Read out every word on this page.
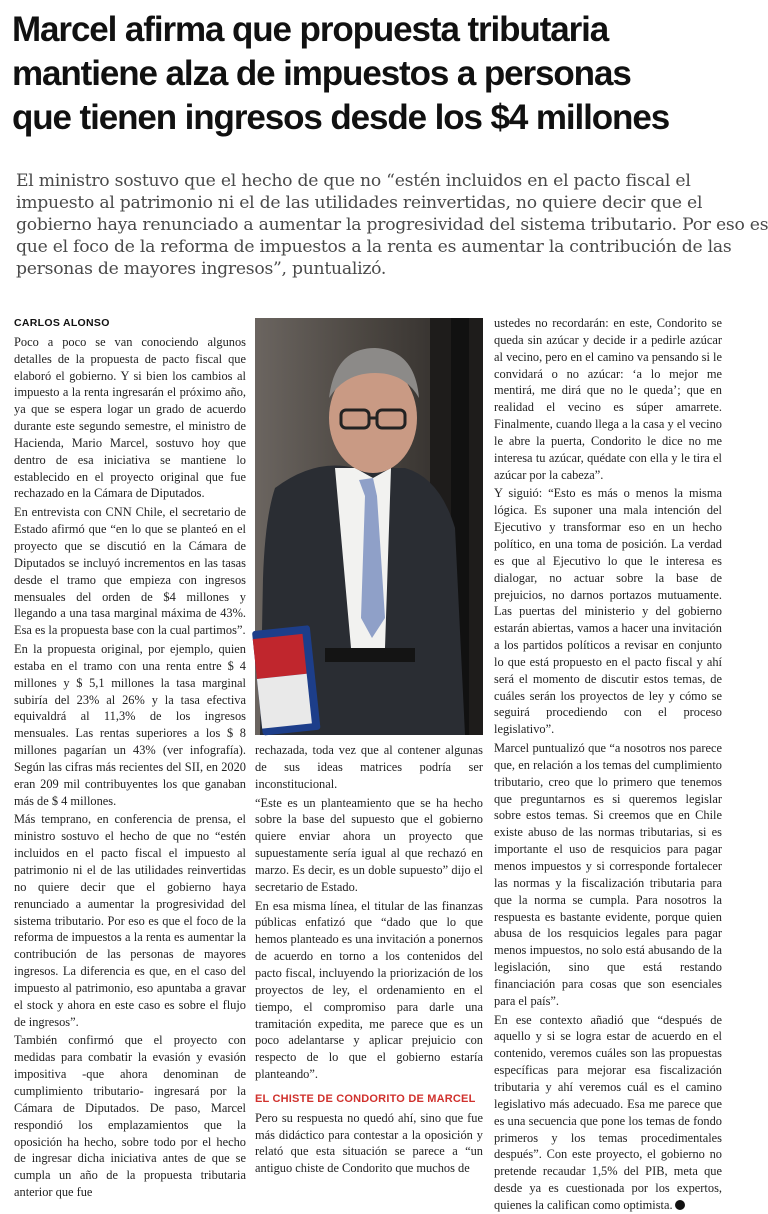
Marcel afirma que propuesta tributaria
mantiene alza de impuestos a personas
que tienen ingresos desde los $4 millones
El ministro sostuvo que el hecho de que no “estén incluidos en el pacto fiscal el
impuesto al patrimonio ni el de las utilidades reinvertidas, no quiere decir que el
gobierno haya renunciado a aumentar la progresividad del sistema tributario. Por eso es
que el foco de la reforma de impuestos a la renta es aumentar la contribución de las
personas de mayores ingresos”, puntualizó.
CARLOS ALONSO

Poco a poco se van conociendo algunos detalles de la propuesta de pacto fiscal que elaboró el gobierno. Y si bien los cambios al impuesto a la renta ingresarán el próximo año, ya que se espera logar un grado de acuerdo durante este segundo semestre, el ministro de Hacienda, Mario Marcel, sostuvo hoy que dentro de esa iniciativa se mantiene lo establecido en el proyecto original que fue rechazado en la Cámara de Diputados.

En entrevista con CNN Chile, el secretario de Estado afirmó que “en lo que se planteó en el proyecto que se discutió en la Cámara de Diputados se incluyó incrementos en las tasas desde el tramo que empieza con ingresos mensuales del orden de $4 millones y llegando a una tasa marginal máxima de 43%. Esa es la propuesta base con la cual partimos”.

En la propuesta original, por ejemplo, quien estaba en el tramo con una renta entre $ 4 millones y $ 5,1 millones la tasa marginal subiría del 23% al 26% y la tasa efectiva equivaldrá al 11,3% de los ingresos mensuales. Las rentas superiores a los $ 8 millones pagarían un 43% (ver infografía). Según las cifras más recientes del SII, en 2020 eran 209 mil contribuyentes los que ganaban más de $ 4 millones.

Más temprano, en conferencia de prensa, el ministro sostuvo el hecho de que no “estén incluidos en el pacto fiscal el impuesto al patrimonio ni el de las utilidades reinvertidas no quiere decir que el gobierno haya renunciado a aumentar la progresividad del sistema tributario. Por eso es que el foco de la reforma de impuestos a la renta es aumentar la contribución de las personas de mayores ingresos. La diferencia es que, en el caso del impuesto al patrimonio, eso apuntaba a gravar el stock y ahora en este caso es sobre el flujo de ingresos”.

También confirmó que el proyecto con medidas para combatir la evasión y evasión impositiva -que ahora denominan de cumplimiento tributario- ingresará por la Cámara de Diputados. De paso, Marcel respondió los emplazamientos que la oposición ha hecho, sobre todo por el hecho de ingresar dicha iniciativa antes de que se cumpla un año de la propuesta tributaria anterior que fue

rechazada, toda vez que al contener algunas de sus ideas matrices podría ser inconstitucional.

“Este es un planteamiento que se ha hecho sobre la base del supuesto que el gobierno quiere enviar ahora un proyecto que supuestamente sería igual al que rechazó en marzo. Es decir, es un doble supuesto” dijo el secretario de Estado.

En esa misma línea, el titular de las finanzas públicas enfatizó que “dado que lo que hemos planteado es una invitación a ponernos de acuerdo en torno a los contenidos del pacto fiscal, incluyendo la priorización de los proyectos de ley, el ordenamiento en el tiempo, el compromiso para darle una tramitación expedita, me parece que es un poco adelantarse y aplicar prejuicio con respecto de lo que el gobierno estaría planteando”.

EL CHISTE DE CONDORITO DE MARCEL

Pero su respuesta no quedó ahí, sino que fue más didáctico para contestar a la oposición y relató que esta situación se parece a “un antiguo chiste de Condorito que muchos de

ustedes no recordarán: en este, Condorito se queda sin azúcar y decide ir a pedirle azúcar al vecino, pero en el camino va pensando si le convidará o no azúcar: ‘a lo mejor me mentirá, me dirá que no le queda’; que en realidad el vecino es súper amarrete. Finalmente, cuando llega a la casa y el vecino le abre la puerta, Condorito le dice no me interesa tu azúcar, quédate con ella y le tira el azúcar por la cabeza”.

Y siguió: “Esto es más o menos la misma lógica. Es suponer una mala intención del Ejecutivo y transformar eso en un hecho político, en una toma de posición. La verdad es que al Ejecutivo lo que le interesa es dialogar, no actuar sobre la base de prejuicios, no darnos portazos mutuamente. Las puertas del ministerio y del gobierno estarán abiertas, vamos a hacer una invitación a los partidos políticos a revisar en conjunto lo que está propuesto en el pacto fiscal y ahí será el momento de discutir estos temas, de cuáles serán los proyectos de ley y cómo se seguirá procediendo con el proceso legislativo”.

Marcel puntualizó que “a nosotros nos parece que, en relación a los temas del cumplimiento tributario, creo que lo primero que tenemos que preguntarnos es si queremos legislar sobre estos temas. Si creemos que en Chile existe abuso de las normas tributarias, si es importante el uso de resquicios para pagar menos impuestos y si corresponde fortalecer las normas y la fiscalización tributaria para que la norma se cumpla. Para nosotros la respuesta es bastante evidente, porque quien abusa de los resquicios legales para pagar menos impuestos, no solo está abusando de la legislación, sino que está restando financiación para cosas que son esenciales para el país”.

En ese contexto añadió que “después de aquello y si se logra estar de acuerdo en el contenido, veremos cuáles son las propuestas específicas para mejorar esa fiscalización tributaria y ahí veremos cuál es el camino legislativo más adecuado. Esa me parece que es una secuencia que pone los temas de fondo primeros y los temas procedimentales después”. Con este proyecto, el gobierno no pretende recaudar 1,5% del PIB, meta que desde ya es cuestionada por los expertos, quienes la califican como optimista.
